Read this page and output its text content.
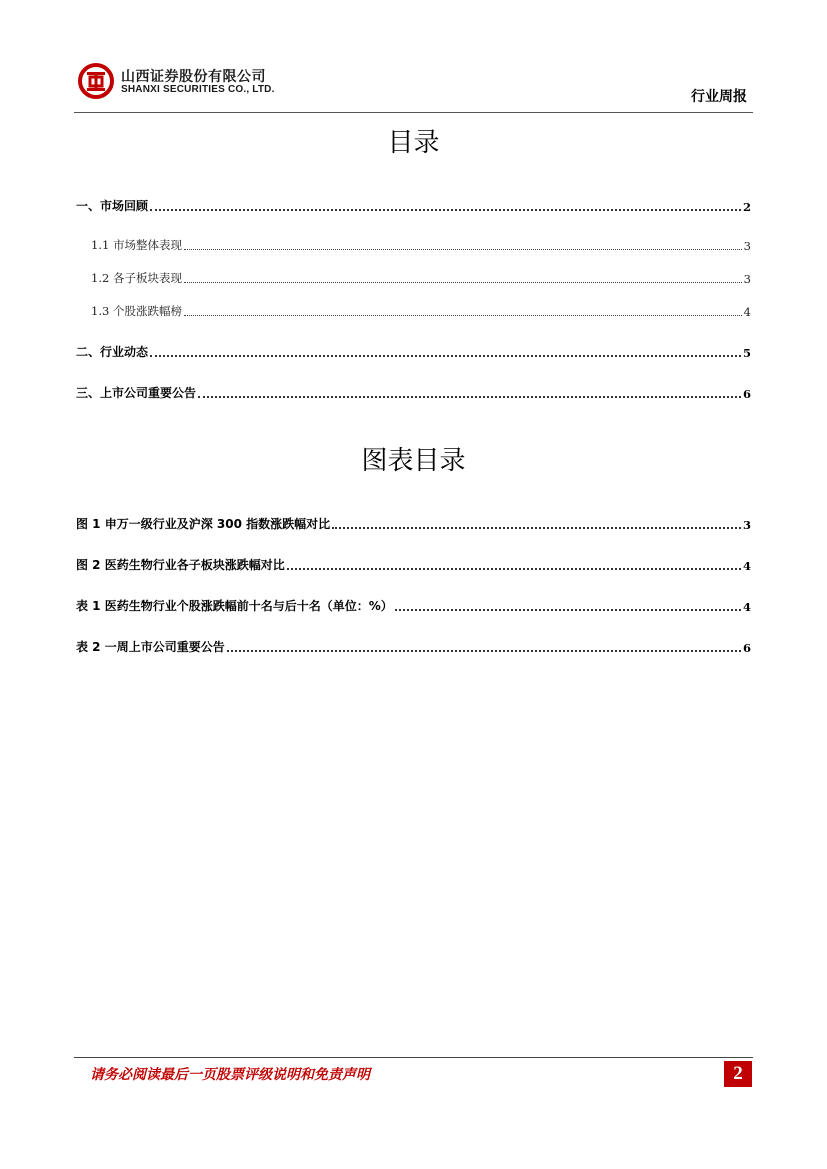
山西证券股份有限公司
SHANXI SECURITIES CO., LTD.	行业周报
目录
一、市场回顾	2
1.1 市场整体表现	3
1.2 各子板块表现	3
1.3 个股涨跌幅榜	4
二、行业动态	5
三、上市公司重要公告	6
图 1 申万一级行业及沪深 300 指数涨跌幅对比	3
图 2 医药生物行业各子板块涨跌幅对比	4
表 1 医药生物行业个股涨跌幅前十名与后十名（单位：%）	4
表 2 一周上市公司重要公告	6
图表目录
请务必阅读最后一页股票评级说明和免责声明	2
